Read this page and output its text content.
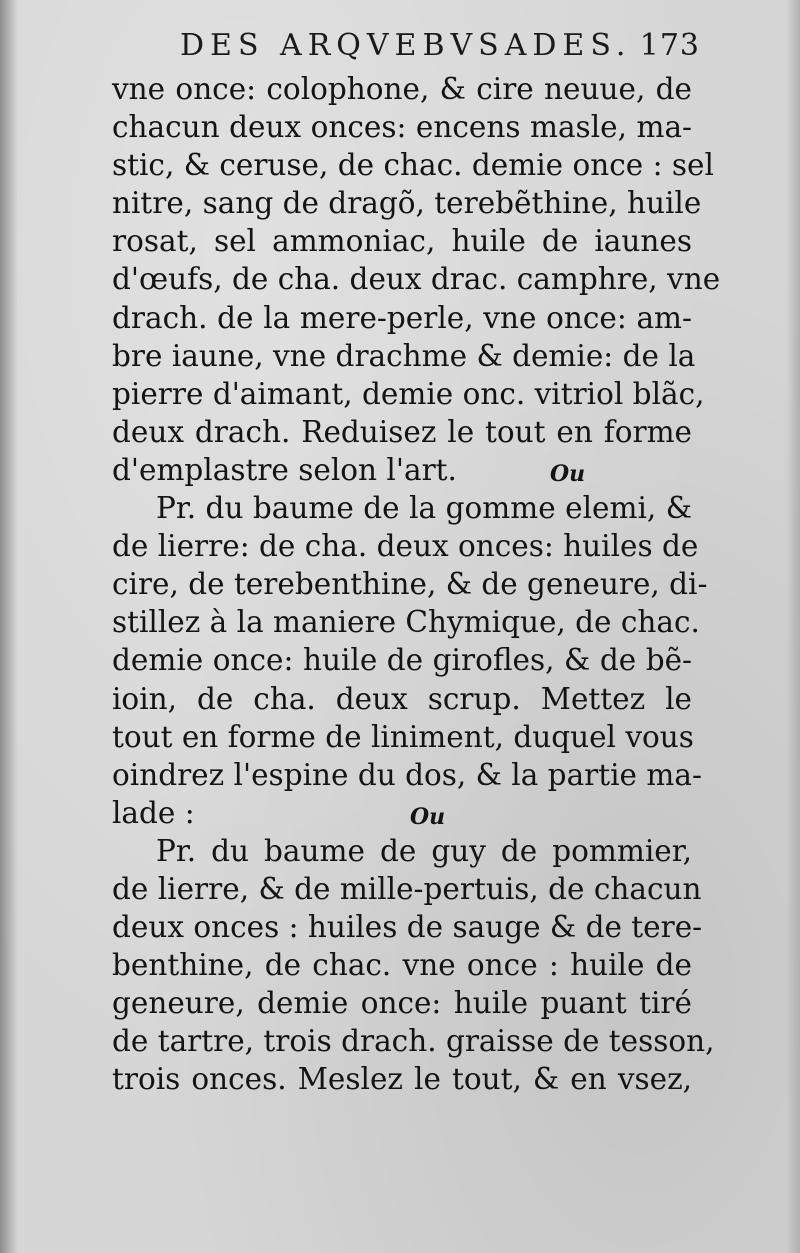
DES ARQVEBVSADES. 173
vne once: colophone, & cire neuue, de
chacun deux onces: encens masle, ma-
stic, & ceruse, de chac. demie once : sel
nitre, sang de dragõ, terebẽthine, huile
rosat, sel ammoniac, huile de iaunes
d'œufs, de cha. deux drac. camphre, vne
drach. de la mere-perle, vne once: am-
bre iaune, vne drachme & demie: de la
pierre d'aimant, demie onc. vitriol blãc,
deux drach. Reduisez le tout en forme
d'emplastre selon l'art.	Ou
Pr. du baume de la gomme elemi, &
de lierre: de cha. deux onces: huiles de
cire, de terebenthine, & de geneure, di-
stillez à la maniere Chymique, de chac.
demie once: huile de girofles, & de bẽ-
ioin, de cha. deux scrup. Mettez le
tout en forme de liniment, duquel vous
oindrez l'espine du dos, & la partie ma-
lade :	Ou
Pr. du baume de guy de pommier,
de lierre, & de mille-pertuis, de chacun
deux onces : huiles de sauge & de tere-
benthine, de chac. vne once : huile de
geneure, demie once: huile puant tiré
de tartre, trois drach. graisse de tesson,
trois onces. Meslez le tout, & en vsez,
